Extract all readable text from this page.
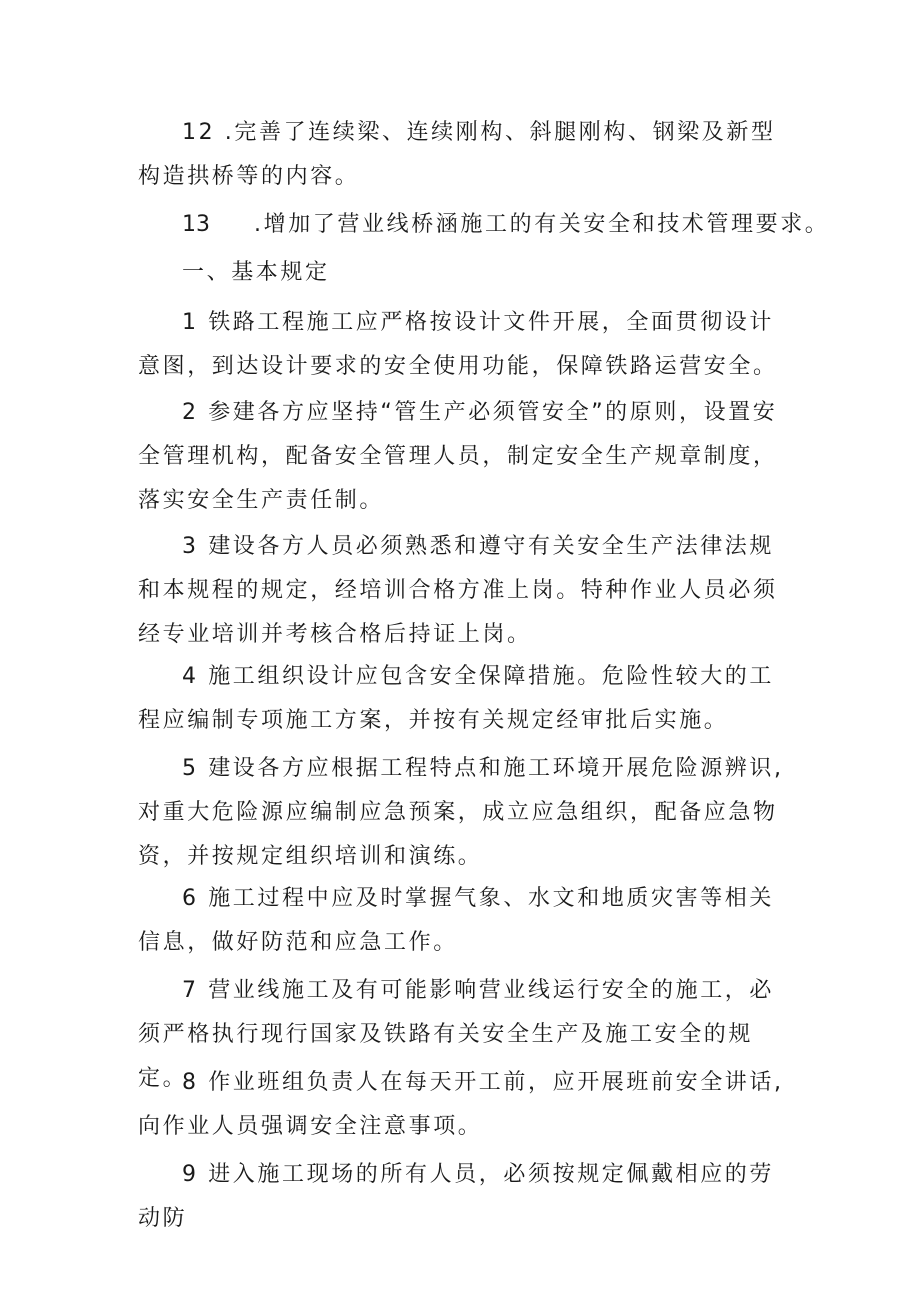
12 .完善了连续梁、连续刚构、斜腿刚构、钢梁及新型构造拱桥等的内容。

13 .增加了营业线桥涵施工的有关安全和技术管理要求。

一、基本规定

1 铁路工程施工应严格按设计文件开展，全面贯彻设计意图，到达设计要求的安全使用功能，保障铁路运营安全。

2 参建各方应坚持“管生产必须管安全”的原则，设置安全管理机构，配备安全管理人员，制定安全生产规章制度，落实安全生产责任制。

3 建设各方人员必须熟悉和遵守有关安全生产法律法规和本规程的规定，经培训合格方准上岗。特种作业人员必须经专业培训并考核合格后持证上岗。

4 施工组织设计应包含安全保障措施。危险性较大的工程应编制专项施工方案，并按有关规定经审批后实施。

5 建设各方应根据工程特点和施工环境开展危险源辨识,对重大危险源应编制应急预案，成立应急组织，配备应急物资，并按规定组织培训和演练。

6 施工过程中应及时掌握气象、水文和地质灾害等相关信息，做好防范和应急工作。

7 营业线施工及有可能影响营业线运行安全的施工，必须严格执行现行国家及铁路有关安全生产及施工安全的规定。

8 作业班组负责人在每天开工前，应开展班前安全讲话,向作业人员强调安全注意事项。

9 进入施工现场的所有人员，必须按规定佩戴相应的劳动防
